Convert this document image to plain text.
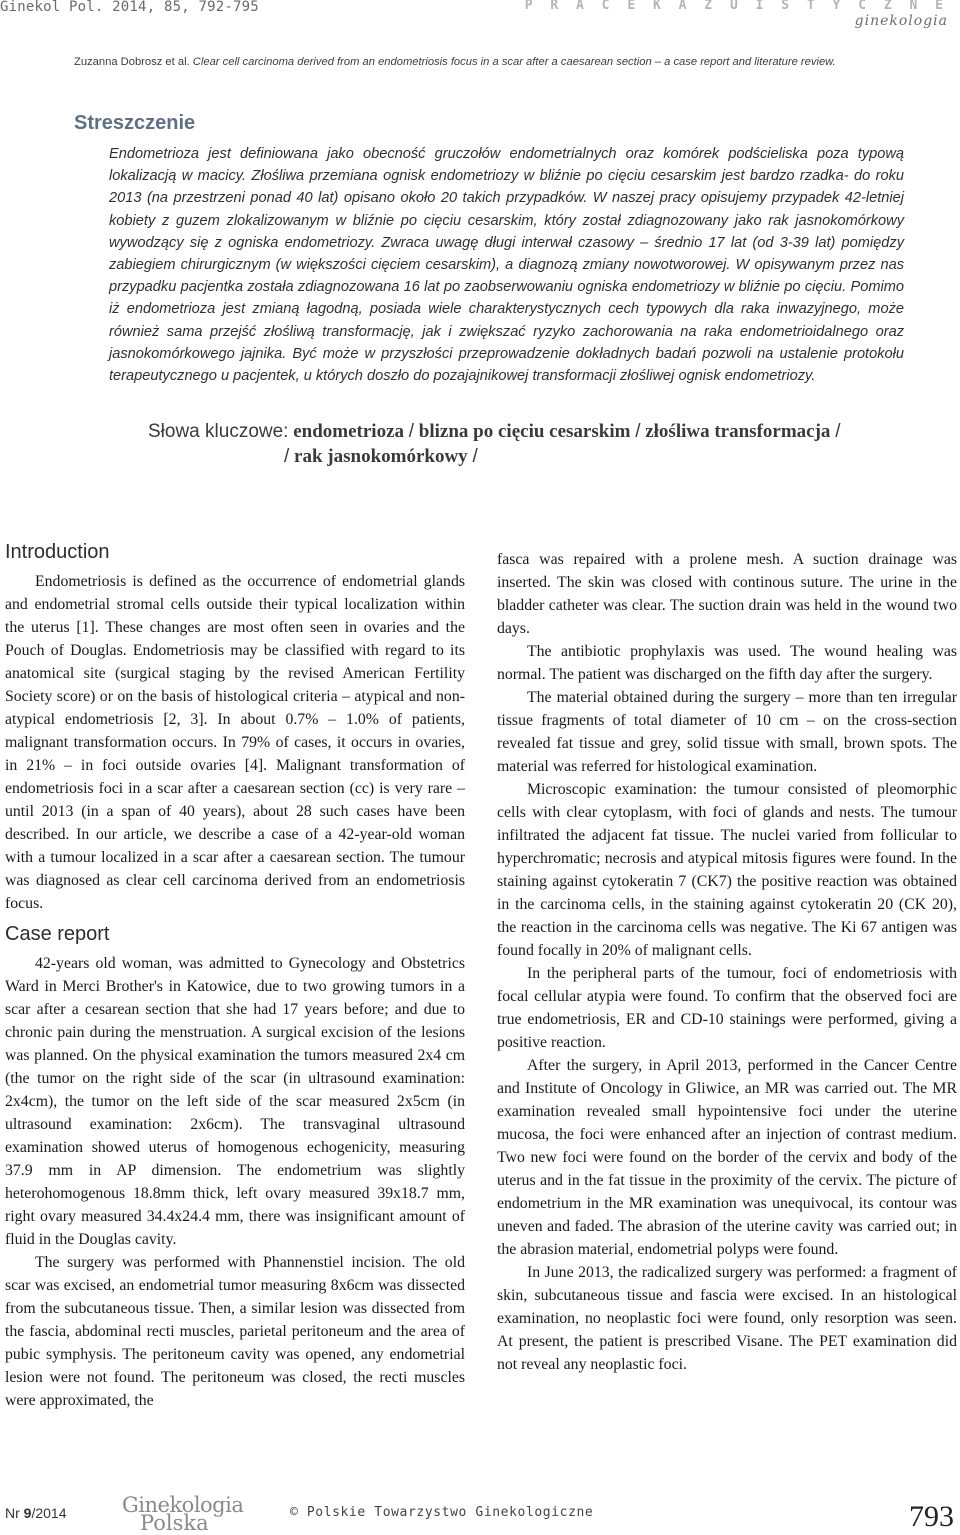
Ginekol Pol. 2014, 85, 792-795	P R A C E K A Z U I S T Y C Z N E
ginekologia
Zuzanna Dobrosz et al. Clear cell carcinoma derived from an endometriosis focus in a scar after a caesarean section – a case report and literature review.
Streszczenie

Endometrioza jest definiowana jako obecność gruczołów endometrialnych oraz komórek podścieliska poza typową lokalizacją w macicy. Złośliwa przemiana ognisk endometriozy w bliźnie po cięciu cesarskim jest bardzo rzadka- do roku 2013 (na przestrzeni ponad 40 lat) opisano około 20 takich przypadków. W naszej pracy opisujemy przypadek 42-letniej kobiety z guzem zlokalizowanym w bliźnie po cięciu cesarskim, który został zdiagnozowany jako rak jasnokomórkowy wywodzący się z ogniska endometriozy. Zwraca uwagę długi interwał czasowy – średnio 17 lat (od 3-39 lat) pomiędzy zabiegiem chirurgicznym (w większości cięciem cesarskim), a diagnozą zmiany nowotworowej. W opisywanym przez nas przypadku pacjentka została zdiagnozowana 16 lat po zaobserwowaniu ogniska endometriozy w bliźnie po cięciu. Pomimo iż endometrioza jest zmianą łagodną, posiada wiele charakterystycznych cech typowych dla raka inwazyjnego, może również sama przejść złośliwą transformację, jak i zwiększać ryzyko zachorowania na raka endometrioidalnego oraz jasnokomórkowego jajnika. Być może w przyszłości przeprowadzenie dokładnych badań pozwoli na ustalenie protokołu terapeutycznego u pacjentek, u których doszło do pozajajnikowej transformacji złośliwej ognisk endometriozy.

Słowa kluczowe: endometrioza / blizna po cięciu cesarskim / złośliwa transformacja /
/ rak jasnokomórkowy /
Introduction

Endometriosis is defined as the occurrence of endometrial glands and endometrial stromal cells outside their typical localization within the uterus [1]. These changes are most often seen in ovaries and the Pouch of Douglas. Endometriosis may be classified with regard to its anatomical site (surgical staging by the revised American Fertility Society score) or on the basis of histological criteria – atypical and non-atypical endometriosis [2, 3]. In about 0.7% – 1.0% of patients, malignant transformation occurs. In 79% of cases, it occurs in ovaries, in 21% – in foci outside ovaries [4]. Malignant transformation of endometriosis foci in a scar after a caesarean section (cc) is very rare – until 2013 (in a span of 40 years), about 28 such cases have been described. In our article, we describe a case of a 42-year-old woman with a tumour localized in a scar after a caesarean section. The tumour was diagnosed as clear cell carcinoma derived from an endometriosis focus.

Case report

42-years old woman, was admitted to Gynecology and Obstetrics Ward in Merci Brother's in Katowice, due to two growing tumors in a scar after a cesarean section that she had 17 years before; and due to chronic pain during the menstruation. A surgical excision of the lesions was planned. On the physical examination the tumors measured 2x4 cm (the tumor on the right side of the scar (in ultrasound examination: 2x4cm), the tumor on the left side of the scar measured 2x5cm (in ultrasound examination: 2x6cm). The transvaginal ultrasound examination showed uterus of homogenous echogenicity, measuring 37.9 mm in AP dimension. The endometrium was slightly heterohomogenous 18.8mm thick, left ovary measured 39x18.7 mm, right ovary measured 34.4x24.4 mm, there was insignificant amount of fluid in the Douglas cavity.

The surgery was performed with Phannenstiel incision. The old scar was excised, an endometrial tumor measuring 8x6cm was dissected from the subcutaneous tissue. Then, a similar lesion was dissected from the fascia, abdominal recti muscles, parietal peritoneum and the area of pubic symphysis. The peritoneum cavity was opened, any endometrial lesion were not found. The peritoneum was closed, the recti muscles were approximated, the

fasca was repaired with a prolene mesh. A suction drainage was inserted. The skin was closed with continous suture. The urine in the bladder catheter was clear. The suction drain was held in the wound two days.

The antibiotic prophylaxis was used. The wound healing was normal. The patient was discharged on the fifth day after the surgery.

The material obtained during the surgery – more than ten irregular tissue fragments of total diameter of 10 cm – on the cross-section revealed fat tissue and grey, solid tissue with small, brown spots. The material was referred for histological examination.

Microscopic examination: the tumour consisted of pleomorphic cells with clear cytoplasm, with foci of glands and nests. The tumour infiltrated the adjacent fat tissue. The nuclei varied from follicular to hyperchromatic; necrosis and atypical mitosis figures were found. In the staining against cytokeratin 7 (CK7) the positive reaction was obtained in the carcinoma cells, in the staining against cytokeratin 20 (CK 20), the reaction in the carcinoma cells was negative. The Ki 67 antigen was found focally in 20% of malignant cells.

In the peripheral parts of the tumour, foci of endometriosis with focal cellular atypia were found. To confirm that the observed foci are true endometriosis, ER and CD-10 stainings were performed, giving a positive reaction.

After the surgery, in April 2013, performed in the Cancer Centre and Institute of Oncology in Gliwice, an MR was carried out. The MR examination revealed small hypointensive foci under the uterine mucosa, the foci were enhanced after an injection of contrast medium. Two new foci were found on the border of the cervix and body of the uterus and in the fat tissue in the proximity of the cervix. The picture of endometrium in the MR examination was unequivocal, its contour was uneven and faded. The abrasion of the uterine cavity was carried out; in the abrasion material, endometrial polyps were found.

In June 2013, the radicalized surgery was performed: a fragment of skin, subcutaneous tissue and fascia were excised. In an histological examination, no neoplastic foci were found, only resorption was seen. At present, the patient is prescribed Visane. The PET examination did not reveal any neoplastic foci.

Nr 9/2014	Ginekologia
Polska	© Polskie Towarzystwo Ginekologiczne	793
